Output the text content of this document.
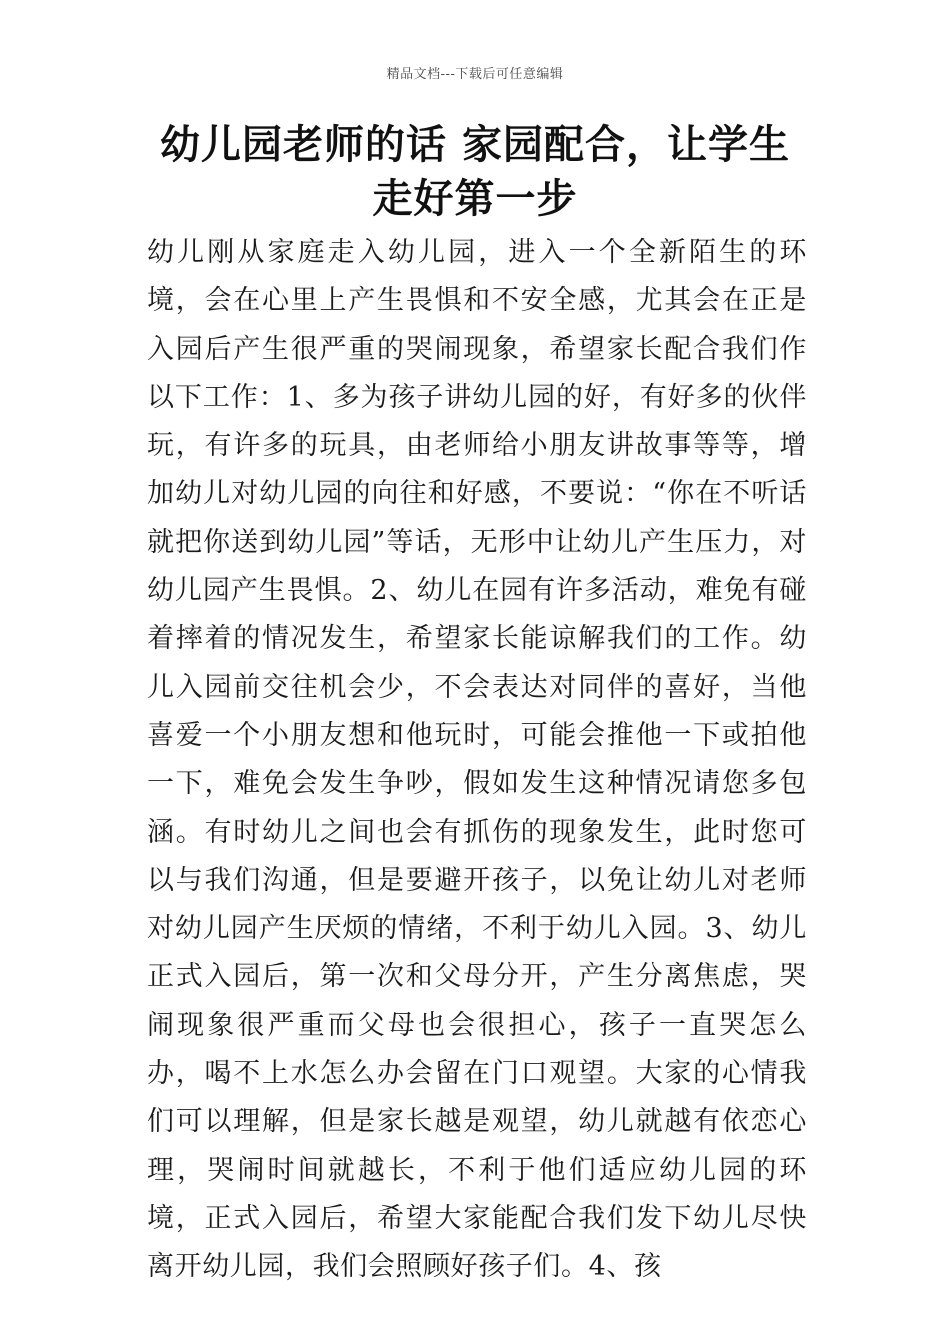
精品文档---下载后可任意编辑
幼儿园老师的话 家园配合，让学生走好第一步

幼儿刚从家庭走入幼儿园，进入一个全新陌生的环境，会在心里上产生畏惧和不安全感，尤其会在正是入园后产生很严重的哭闹现象，希望家长配合我们作以下工作：1、多为孩子讲幼儿园的好，有好多的伙伴玩，有许多的玩具，由老师给小朋友讲故事等等，增加幼儿对幼儿园的向往和好感，不要说：“你在不听话就把你送到幼儿园”等话，无形中让幼儿产生压力，对幼儿园产生畏惧。2、幼儿在园有许多活动，难免有碰着摔着的情况发生，希望家长能谅解我们的工作。幼儿入园前交往机会少，不会表达对同伴的喜好，当他喜爱一个小朋友想和他玩时，可能会推他一下或拍他一下，难免会发生争吵，假如发生这种情况请您多包涵。有时幼儿之间也会有抓伤的现象发生，此时您可以与我们沟通，但是要避开孩子，以免让幼儿对老师对幼儿园产生厌烦的情绪，不利于幼儿入园。3、幼儿正式入园后，第一次和父母分开，产生分离焦虑，哭闹现象很严重而父母也会很担心，孩子一直哭怎么办，喝不上水怎么办会留在门口观望。大家的心情我们可以理解，但是家长越是观望，幼儿就越有依恋心理，哭闹时间就越长，不利于他们适应幼儿园的环境，正式入园后，希望大家能配合我们发下幼儿尽快离开幼儿园，我们会照顾好孩子们。4、孩
